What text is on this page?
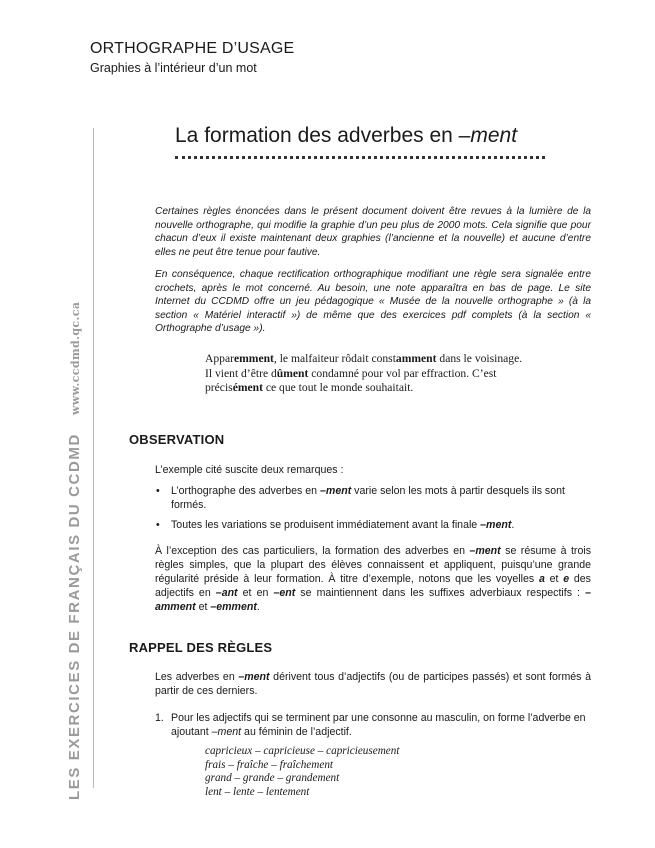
ORTHOGRAPHE D’USAGE
Graphies à l’intérieur d’un mot
LES EXERCICES DE FRANÇAIS DU CCDMDwww.ccdmd.qc.ca
La formation des adverbes en –ment

Certaines règles énoncées dans le présent document doivent être revues à la lumière de la nouvelle orthographe, qui modifie la graphie d’un peu plus de 2000 mots. Cela signifie que pour chacun d’eux il existe maintenant deux graphies (l’ancienne et la nouvelle) et aucune d’entre elles ne peut être tenue pour fautive.

En conséquence, chaque rectification orthographique modifiant une règle sera signalée entre crochets, après le mot concerné. Au besoin, une note apparaîtra en bas de page. Le site Internet du CCDMD offre un jeu pédagogique « Musée de la nouvelle orthographe » (à la section « Matériel interactif ») de même que des exercices pdf complets (à la section « Orthographe d’usage »).

Apparemment, le malfaiteur rôdait constamment dans le voisinage. Il vient d’être dûment condamné pour vol par effraction. C’est précisément ce que tout le monde souhaitait.

OBSERVATION

L’exemple cité suscite deux remarques :

• L’orthographe des adverbes en –ment varie selon les mots à partir desquels ils sont formés.
• Toutes les variations se produisent immédiatement avant la finale –ment.

À l’exception des cas particuliers, la formation des adverbes en –ment se résume à trois règles simples, que la plupart des élèves connaissent et appliquent, puisqu’une grande régularité préside à leur formation. À titre d’exemple, notons que les voyelles a et e des adjectifs en –ant et en –ent se maintiennent dans les suffixes adverbiaux respectifs : –amment et –emment.

RAPPEL DES RÈGLES

Les adverbes en –ment dérivent tous d’adjectifs (ou de participes passés) et sont formés à partir de ces derniers.

1. Pour les adjectifs qui se terminent par une consonne au masculin, on forme l’adverbe en ajoutant –ment au féminin de l’adjectif.

capricieux – capricieuse – capricieusement
frais – fraîche – fraîchement
grand – grande – grandement
lent – lente – lentement
